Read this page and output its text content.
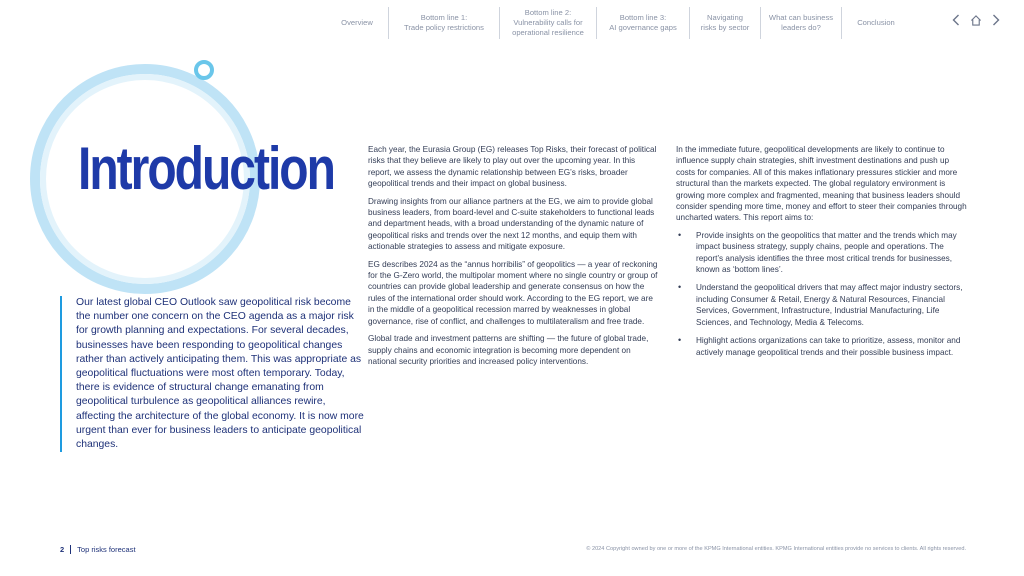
Overview
Bottom line 1:
Trade policy restrictions
Bottom line 2:
Vulnerability calls for
operational resilience
Bottom line 3:
AI governance gaps
Navigating
risks by sector
What can business
leaders do?
Conclusion
Introduction
Our latest global CEO Outlook saw geopolitical risk become the number one concern on the CEO agenda as a major risk for growth planning and expectations. For several decades, businesses have been responding to geopolitical changes rather than actively anticipating them. This was appropriate as geopolitical fluctuations were most often temporary. Today, there is evidence of structural change emanating from geopolitical turbulence as geopolitical alliances rewire, affecting the architecture of the global economy. It is now more urgent than ever for business leaders to anticipate geopolitical changes.

Each year, the Eurasia Group (EG) releases Top Risks, their forecast of political risks that they believe are likely to play out over the upcoming year. In this report, we assess the dynamic relationship between EG’s risks, broader geopolitical trends and their impact on global business.

Drawing insights from our alliance partners at the EG, we aim to provide global business leaders, from board-level and C-suite stakeholders to functional leads and department heads, with a broad understanding of the dynamic nature of geopolitical risks and trends over the next 12 months, and equip them with actionable strategies to assess and mitigate exposure.

EG describes 2024 as the “annus horribilis” of geopolitics — a year of reckoning for the G-Zero world, the multipolar moment where no single country or group of countries can provide global leadership and generate consensus on how the rules of the international order should work. According to the EG report, we are in the middle of a geopolitical recession marred by weaknesses in global governance, rise of conflict, and challenges to multilateralism and free trade.

Global trade and investment patterns are shifting — the future of global trade, supply chains and economic integration is becoming more dependent on national security priorities and increased policy interventions.

In the immediate future, geopolitical developments are likely to continue to influence supply chain strategies, shift investment destinations and push up costs for companies. All of this makes inflationary pressures stickier and more structural than the markets expected. The global regulatory environment is growing more complex and fragmented, meaning that business leaders should consider spending more time, money and effort to steer their companies through uncharted waters. This report aims to:

• Provide insights on the geopolitics that matter and the trends which may impact business strategy, supply chains, people and operations. The report’s analysis identifies the three most critical trends for businesses, known as ‘bottom lines’.
• Understand the geopolitical drivers that may affect major industry sectors, including Consumer & Retail, Energy & Natural Resources, Financial Services, Government, Infrastructure, Industrial Manufacturing, Life Sciences, and Technology, Media & Telecoms.
• Highlight actions organizations can take to prioritize, assess, monitor and actively manage geopolitical trends and their possible business impact.
2 Top risks forecast	© 2024 Copyright owned by one or more of the KPMG International entities. KPMG International entities provide no services to clients. All rights reserved.
